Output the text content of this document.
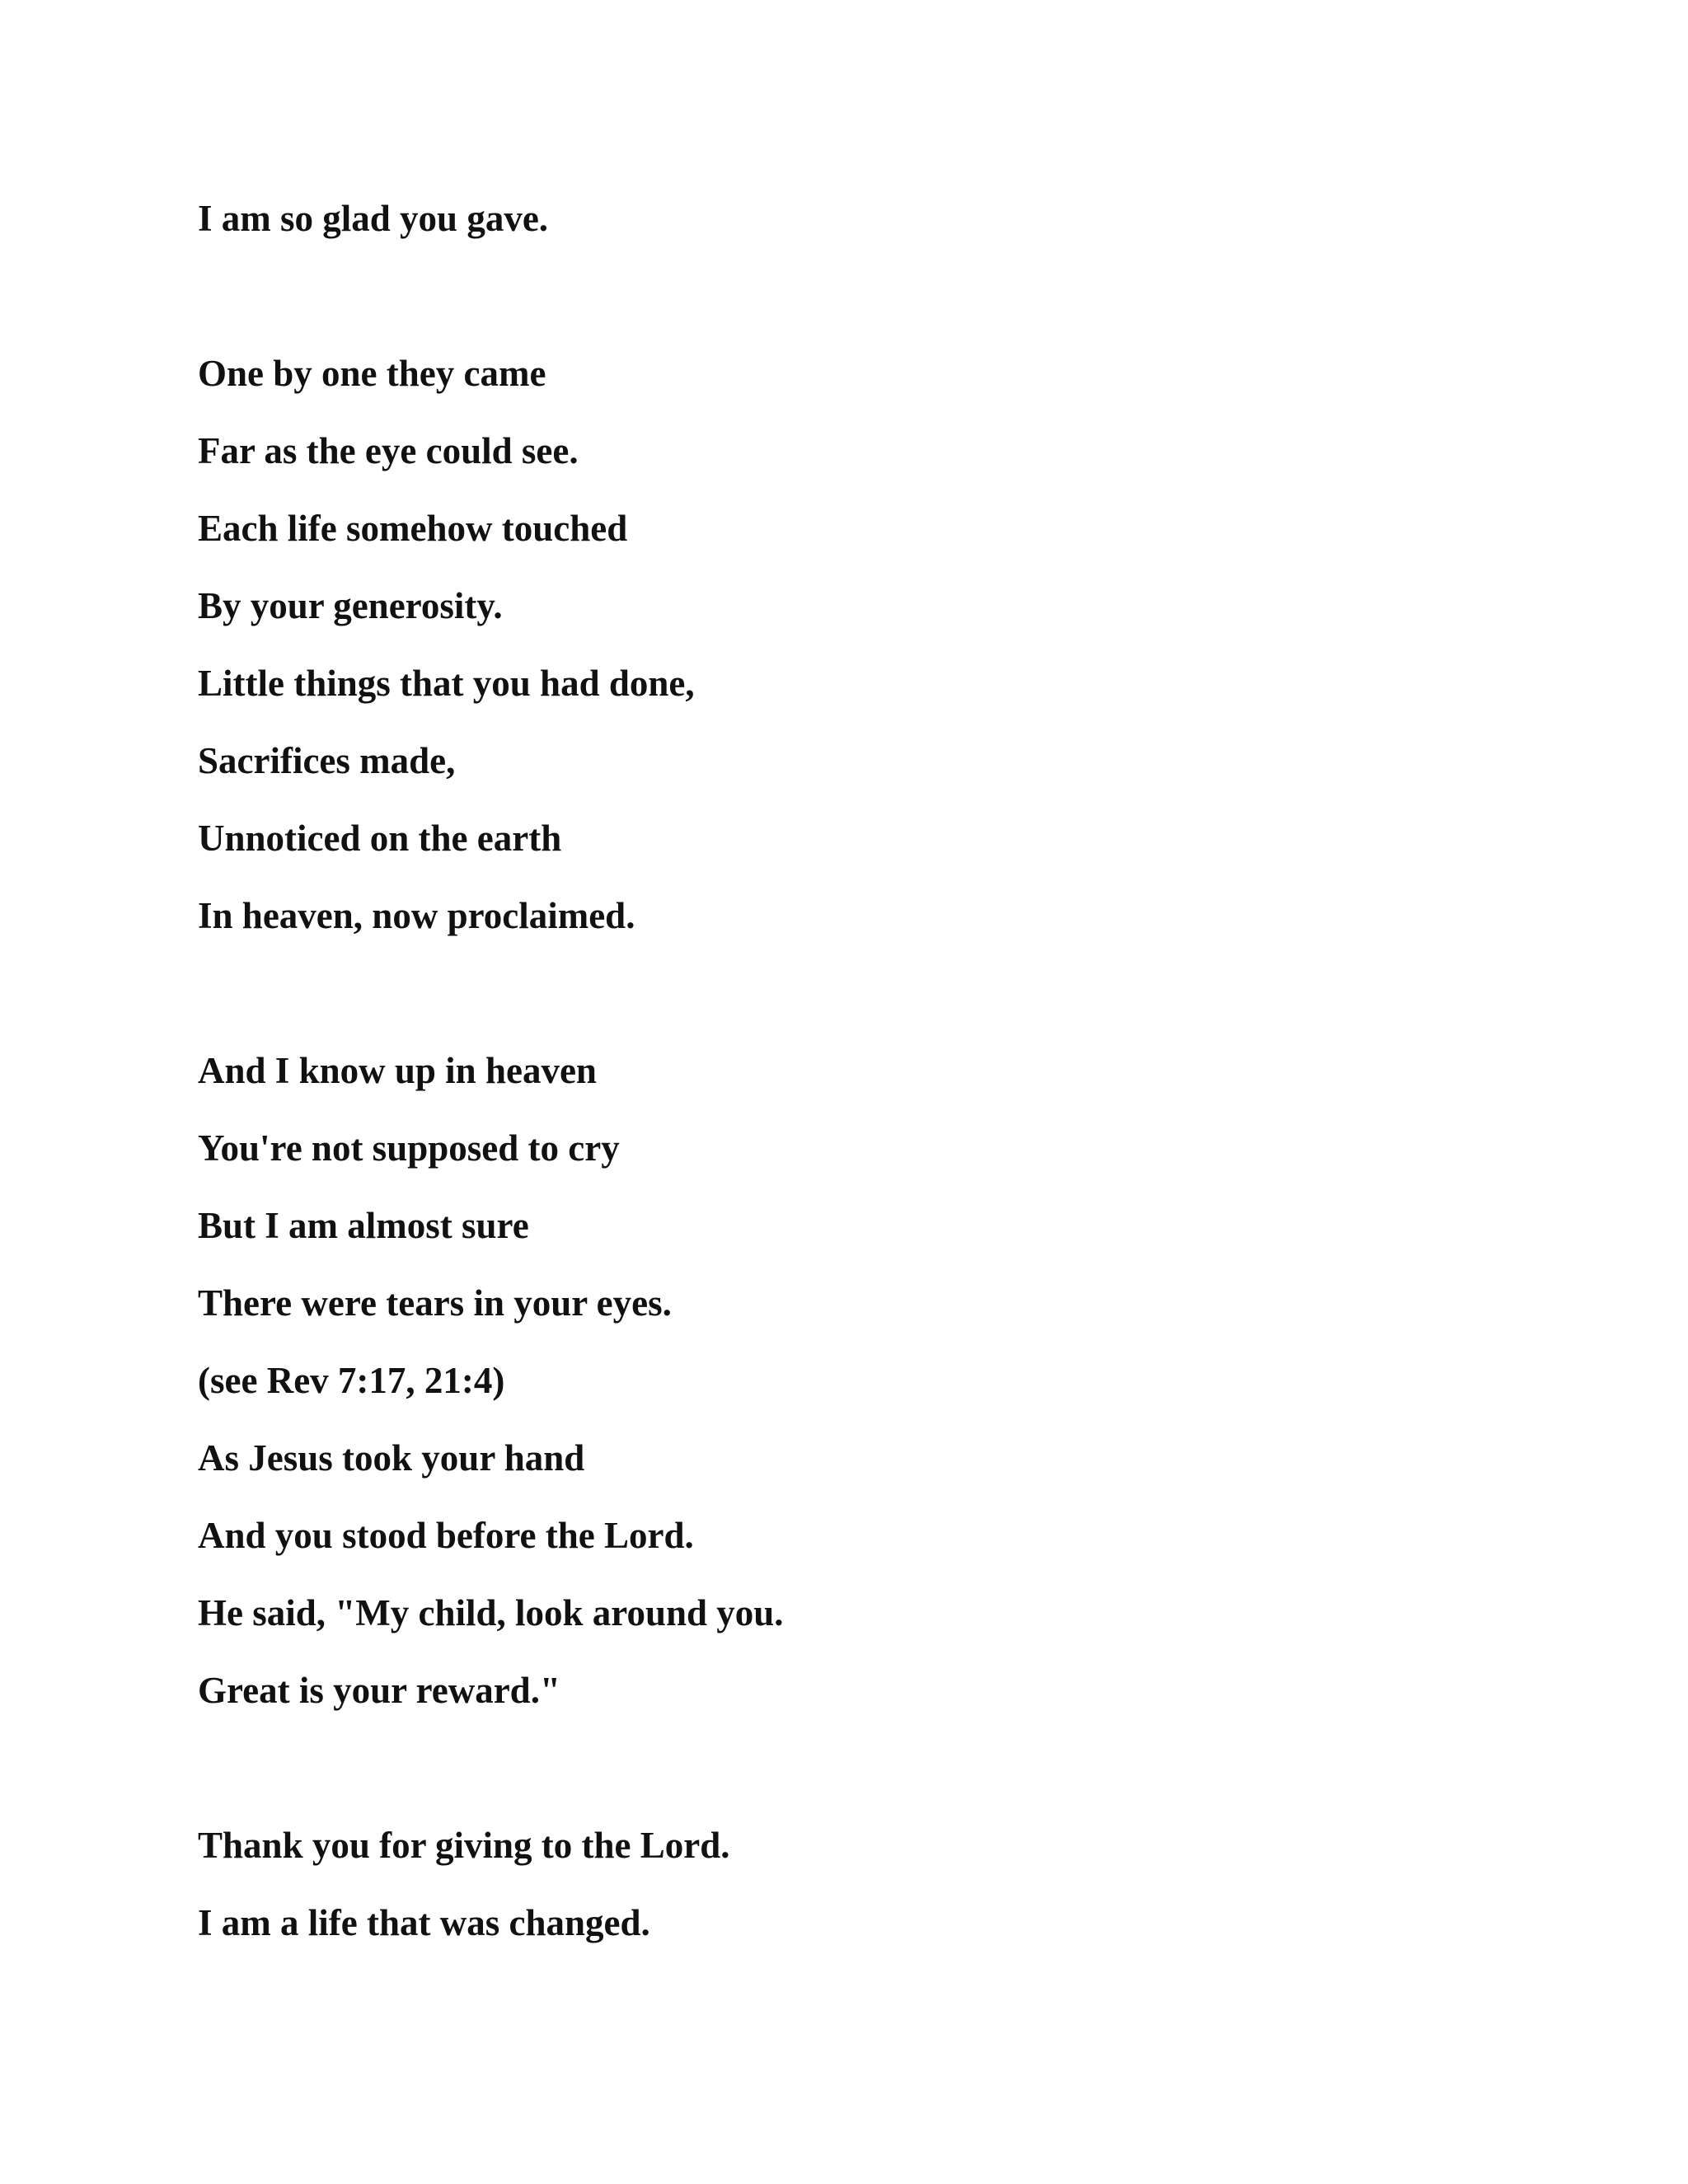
I am so glad you gave.

One by one they came

Far as the eye could see.

Each life somehow touched

By your generosity.

Little things that you had done,

Sacrifices made,

Unnoticed on the earth

In heaven, now proclaimed.

And I know up in heaven

You're not supposed to cry

But I am almost sure

There were tears in your eyes.

(see Rev 7:17, 21:4)

As Jesus took your hand

And you stood before the Lord.

He said, "My child, look around you.

Great is your reward."

Thank you for giving to the Lord.

I am a life that was changed.
